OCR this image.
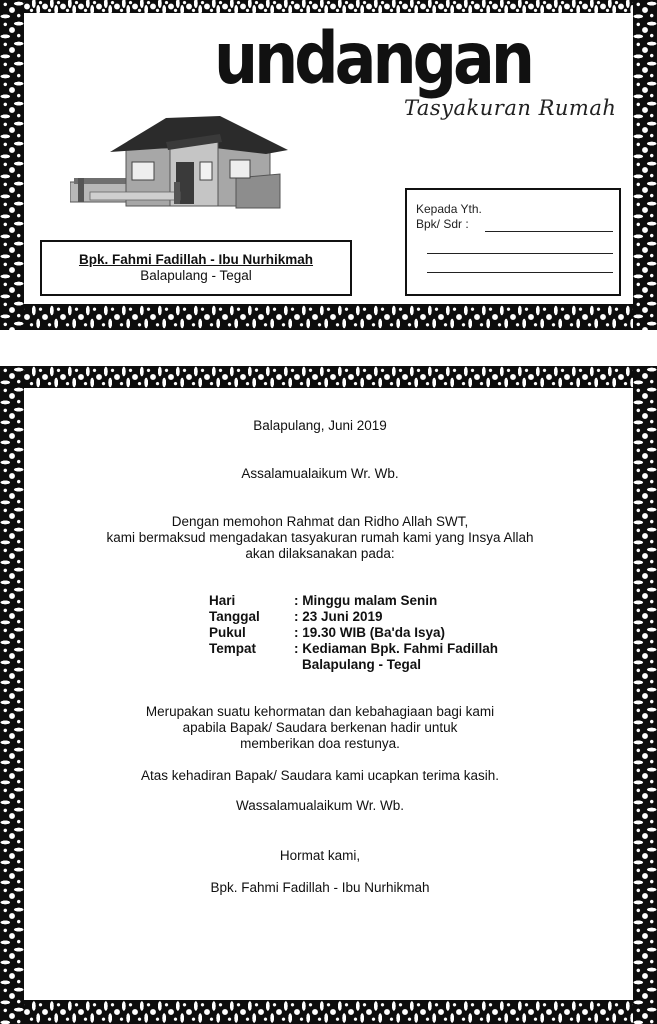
undangan
Tasyakuran Rumah
Bpk. Fahmi Fadillah - Ibu Nurhikmah
Balapulang - Tegal
Kepada Yth.
Bpk/ Sdr :
Balapulang, Juni 2019
Assalamualaikum Wr. Wb.
Dengan memohon Rahmat dan Ridho Allah SWT,
kami bermaksud mengadakan tasyakuran rumah kami yang Insya Allah
akan dilaksanakan pada:
Hari	: Minggu malam Senin
Tanggal	: 23 Juni 2019
Pukul	: 19.30 WIB (Ba'da Isya)
Tempat	: Kediaman Bpk. Fahmi Fadillah
Balapulang - Tegal
Merupakan suatu kehormatan dan kebahagiaan bagi kami
apabila Bapak/ Saudara berkenan hadir untuk
memberikan doa restunya.
Atas kehadiran Bapak/ Saudara kami ucapkan terima kasih.
Wassalamualaikum Wr. Wb.
Hormat kami,
Bpk. Fahmi Fadillah - Ibu Nurhikmah
